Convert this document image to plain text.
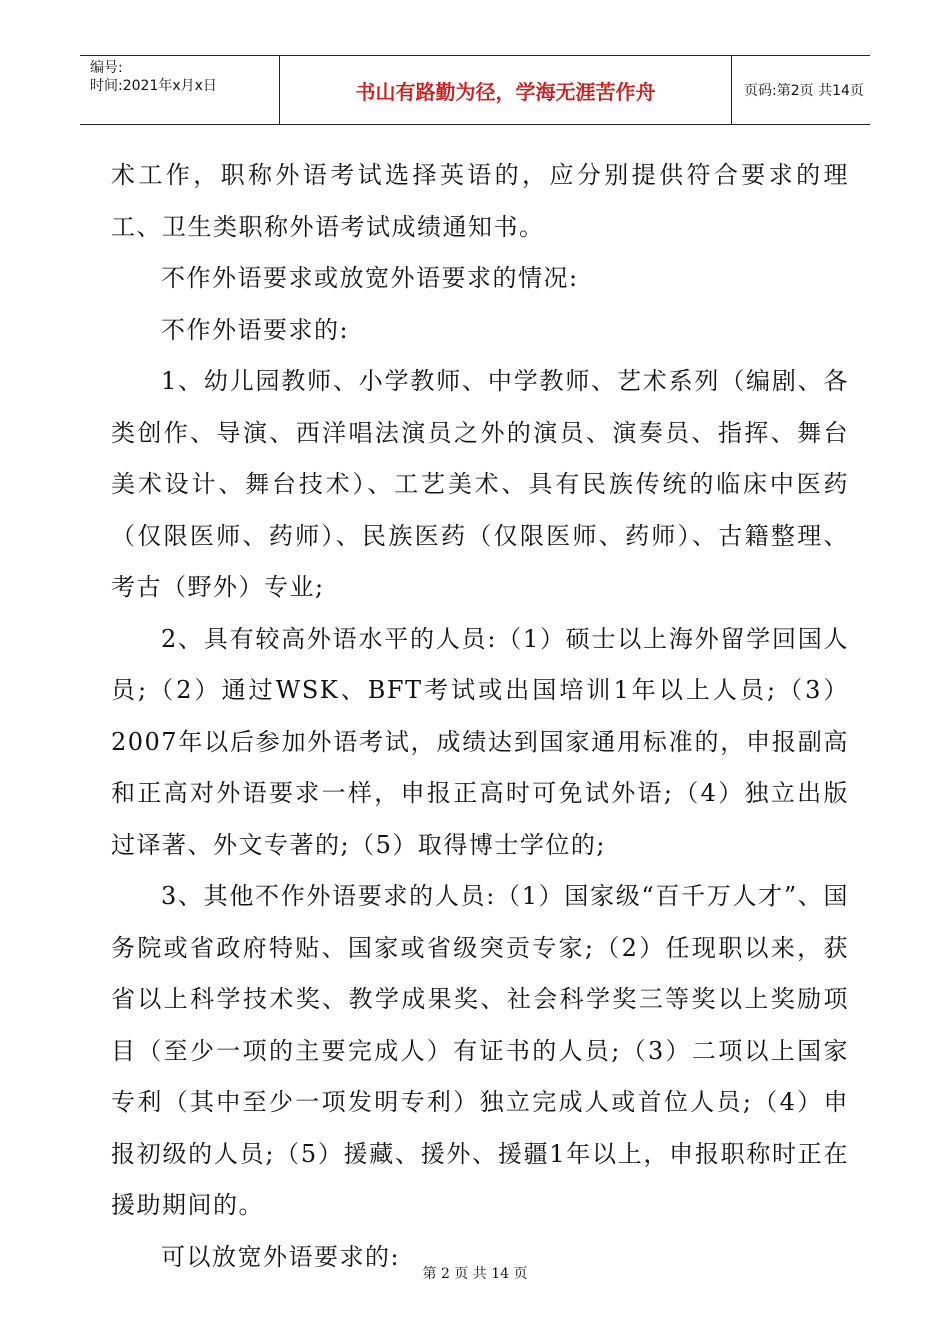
编号:
时间:2021年x月x日	书山有路勤为径，学海无涯苦作舟	页码:第2页 共14页

术工作，职称外语考试选择英语的，应分别提供符合要求的理工、卫生类职称外语考试成绩通知书。

不作外语要求或放宽外语要求的情况:

不作外语要求的:

1、幼儿园教师、小学教师、中学教师、艺术系列（编剧、各类创作、导演、西洋唱法演员之外的演员、演奏员、指挥、舞台美术设计、舞台技术）、工艺美术、具有民族传统的临床中医药（仅限医师、药师）、民族医药（仅限医师、药师）、古籍整理、考古（野外）专业;

2、具有较高外语水平的人员:（1）硕士以上海外留学回国人员;（2）通过WSK、BFT考试或出国培训1年以上人员;（3）2007年以后参加外语考试，成绩达到国家通用标准的，申报副高和正高对外语要求一样，申报正高时可免试外语;（4）独立出版过译著、外文专著的;（5）取得博士学位的;

3、其他不作外语要求的人员:（1）国家级“百千万人才”、国务院或省政府特贴、国家或省级突贡专家;（2）任现职以来，获省以上科学技术奖、教学成果奖、社会科学奖三等奖以上奖励项目（至少一项的主要完成人）有证书的人员;（3）二项以上国家专利（其中至少一项发明专利）独立完成人或首位人员;（4）申报初级的人员;（5）援藏、援外、援疆1年以上，申报职称时正在援助期间的。

可以放宽外语要求的:

第 2 页 共 14 页
